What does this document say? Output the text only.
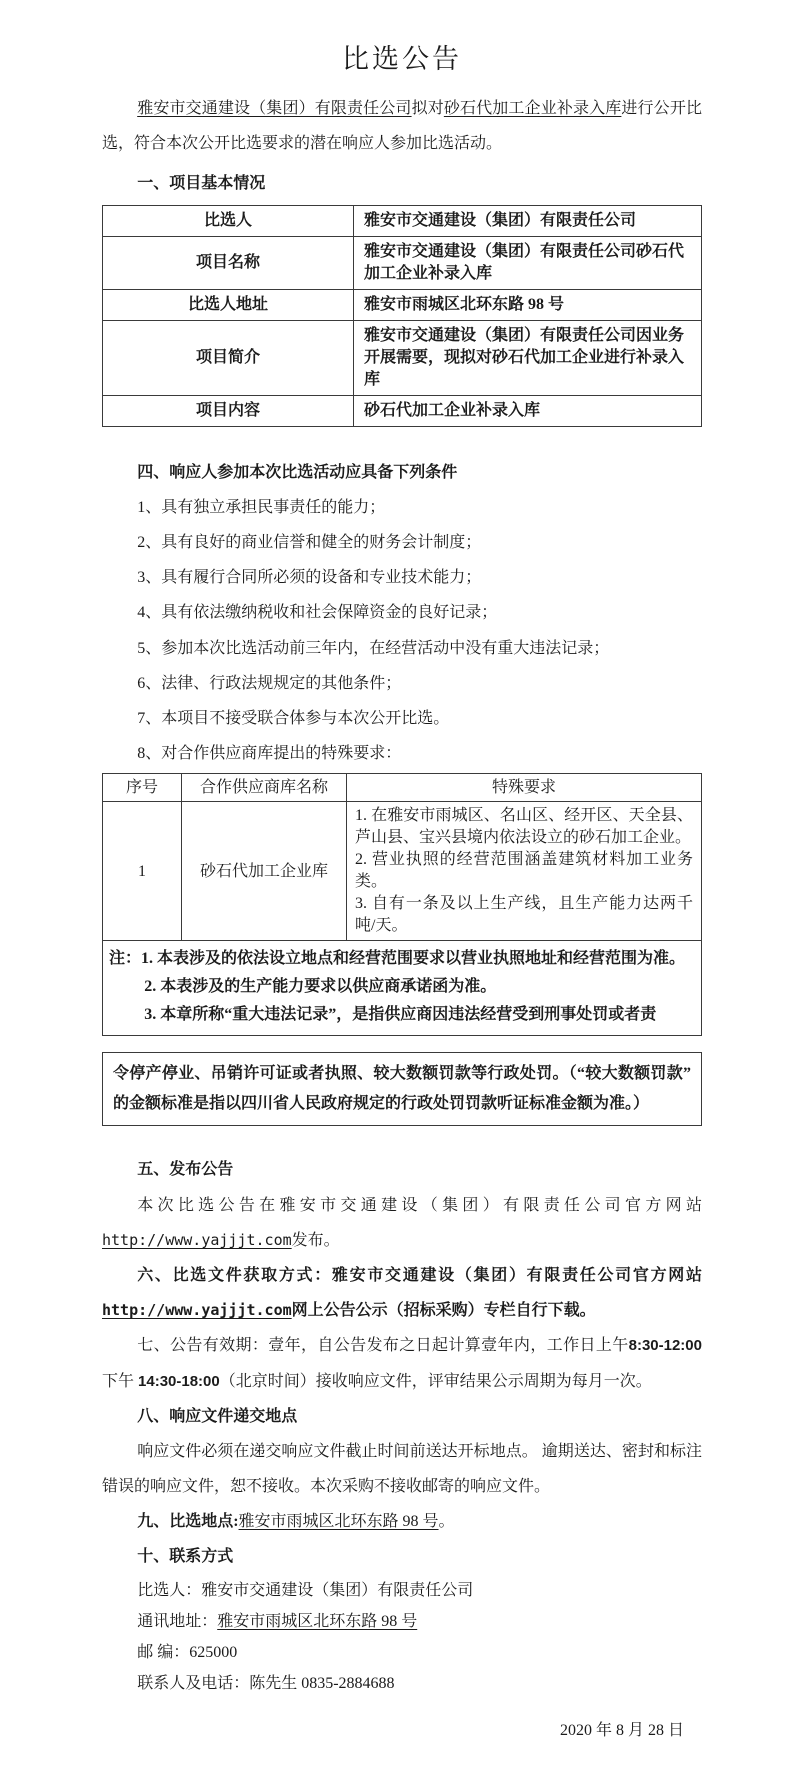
比选公告

雅安市交通建设（集团）有限责任公司拟对砂石代加工企业补录入库进行公开比选，符合本次公开比选要求的潜在响应人参加比选活动。

一、项目基本情况

比选人	雅安市交通建设（集团）有限责任公司
项目名称	雅安市交通建设（集团）有限责任公司砂石代加工企业补录入库
比选人地址	雅安市雨城区北环东路 98 号
项目简介	雅安市交通建设（集团）有限责任公司因业务开展需要，现拟对砂石代加工企业进行补录入库
项目内容	砂石代加工企业补录入库

四、响应人参加本次比选活动应具备下列条件

1、具有独立承担民事责任的能力；

2、具有良好的商业信誉和健全的财务会计制度；

3、具有履行合同所必须的设备和专业技术能力；

4、具有依法缴纳税收和社会保障资金的良好记录；

5、参加本次比选活动前三年内，在经营活动中没有重大违法记录；

6、法律、行政法规规定的其他条件；

7、本项目不接受联合体参与本次公开比选。

8、对合作供应商库提出的特殊要求：

序号	合作供应商库名称	特殊要求
1	砂石代加工企业库	1. 在雅安市雨城区、名山区、经开区、天全县、芦山县、宝兴县境内依法设立的砂石加工企业。
2. 营业执照的经营范围涵盖建筑材料加工业务类。
3. 自有一条及以上生产线，且生产能力达两千吨/天。

注：1. 本表涉及的依法设立地点和经营范围要求以营业执照地址和经营范围为准。

2. 本表涉及的生产能力要求以供应商承诺函为准。

3. 本章所称“重大违法记录”，是指供应商因违法经营受到刑事处罚或者责		

令停产停业、吊销许可证或者执照、较大数额罚款等行政处罚。（“较大数额罚款”的金额标准是指以四川省人民政府规定的行政处罚罚款听证标准金额为准。）

五、发布公告

本次比选公告在雅安市交通建设（集团）有限责任公司官方网站http://www.yajjjt.com发布。

六、比选文件获取方式：雅安市交通建设（集团）有限责任公司官方网站http://www.yajjjt.com网上公告公示（招标采购）专栏自行下载。

七、公告有效期：壹年，自公告发布之日起计算壹年内，工作日上午8:30-12:00 下午 14:30-18:00（北京时间）接收响应文件，评审结果公示周期为每月一次。

八、响应文件递交地点

响应文件必须在递交响应文件截止时间前送达开标地点。 逾期送达、密封和标注错误的响应文件，恕不接收。本次采购不接收邮寄的响应文件。

九、比选地点:雅安市雨城区北环东路 98 号。

十、联系方式

比选人：雅安市交通建设（集团）有限责任公司

通讯地址：雅安市雨城区北环东路 98 号

邮 编：625000

联系人及电话：陈先生 0835-2884688

2020 年 8 月 28 日
